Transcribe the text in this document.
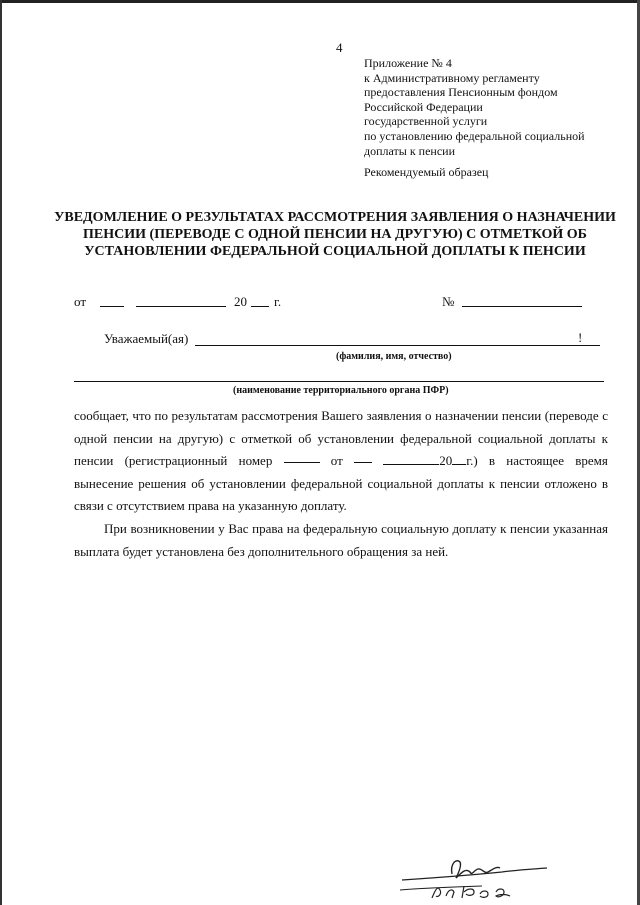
4
Приложение № 4
к Административному регламенту
предоставления Пенсионным фондом
Российской Федерации
государственной услуги
по установлению федеральной социальной
доплаты к пенсии
Рекомендуемый образец
УВЕДОМЛЕНИЕ О РЕЗУЛЬТАТАХ РАССМОТРЕНИЯ ЗАЯВЛЕНИЯ О НАЗНАЧЕНИИ
ПЕНСИИ (ПЕРЕВОДЕ С ОДНОЙ ПЕНСИИ НА ДРУГУЮ) С ОТМЕТКОЙ ОБ
УСТАНОВЛЕНИИ ФЕДЕРАЛЬНОЙ СОЦИАЛЬНОЙ ДОПЛАТЫ К ПЕНСИИ
от	20 г.	№
Уважаемый(ая)	!
(фамилия, имя, отчество)
(наименование территориального органа ПФР)
сообщает, что по результатам рассмотрения Вашего заявления о назначении пенсии (переводе с
одной пенсии на другую) с отметкой об установлении федеральной социальной доплаты к
пенсии (регистрационный номер	от	20 г.) в настоящее время
вынесение решения об установлении федеральной социальной доплаты к пенсии отложено в
связи с отсутствием права на указанную доплату.
При возникновении у Вас права на федеральную социальную доплату к пенсии указанная
выплата будет установлена без дополнительного обращения за ней.
